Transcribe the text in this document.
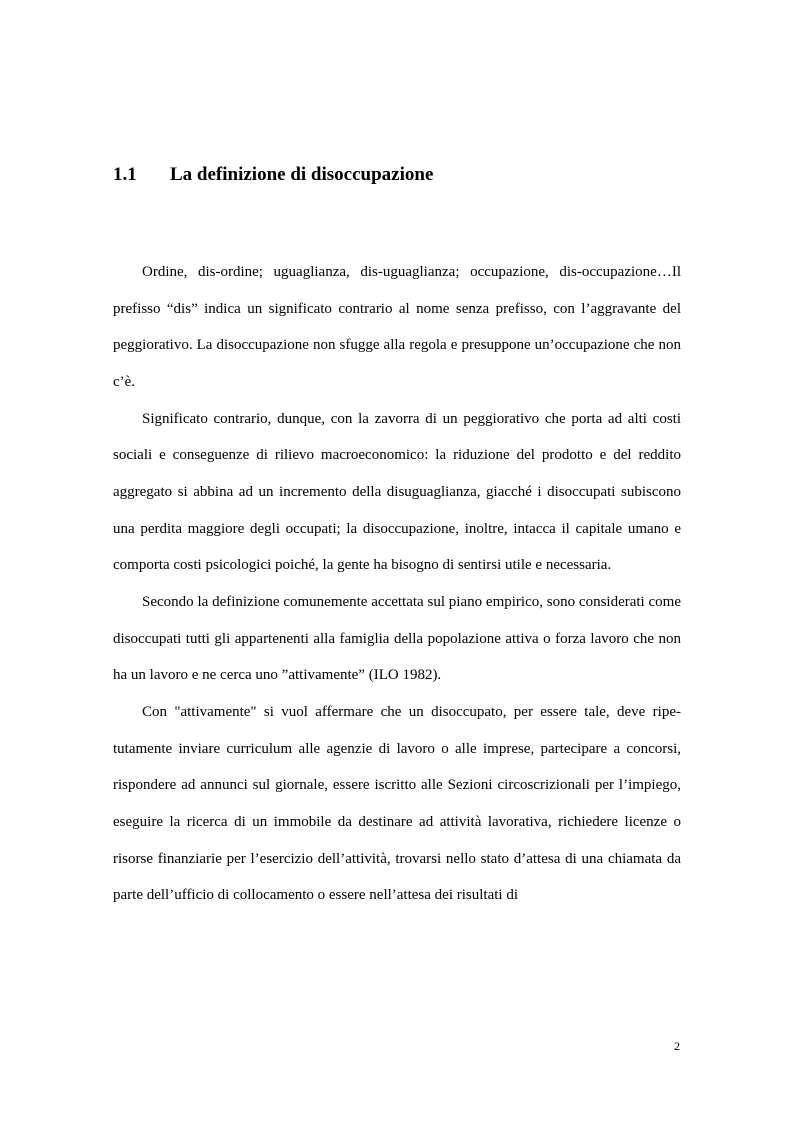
1.1 La definizione di disoccupazione

Ordine, dis-ordine; uguaglianza, dis-uguaglianza; occupazione, dis-occupazione…Il prefisso “dis” indica un significato contrario al nome senza prefisso, con l’aggravante del peggiorativo. La disoccupazione non sfugge alla regola e presuppone un’occupazione che non c’è.

Significato contrario, dunque, con la zavorra di un peggiorativo che porta ad alti costi sociali e conseguenze di rilievo macroeconomico: la riduzione del prodotto e del reddito aggregato si abbina ad un incremento della disuguaglianza, giacché i disoccupati subiscono una perdita maggiore degli occupati; la disoccupazione, inoltre, intacca il capitale umano e comporta costi psicologici poiché, la gente ha bisogno di sentirsi utile e necessaria.

Secondo la definizione comunemente accettata sul piano empirico, sono considerati come disoccupati tutti gli appartenenti alla famiglia della popolazione attiva o forza lavoro che non ha un lavoro e ne cerca uno ”attivamente” (ILO 1982).

Con "attivamente" si vuol affermare che un disoccupato, per essere tale, deve ripetutamente inviare curriculum alle agenzie di lavoro o alle imprese, partecipare a concorsi, rispondere ad annunci sul giornale, essere iscritto alle Sezioni circoscrizionali per l’impiego, eseguire la ricerca di un immobile da destinare ad attività lavorativa, richiedere licenze o risorse finanziarie per l’esercizio dell’attività, trovarsi nello stato d’attesa di una chiamata da parte dell’ufficio di collocamento o essere nell’attesa dei risultati di

2
